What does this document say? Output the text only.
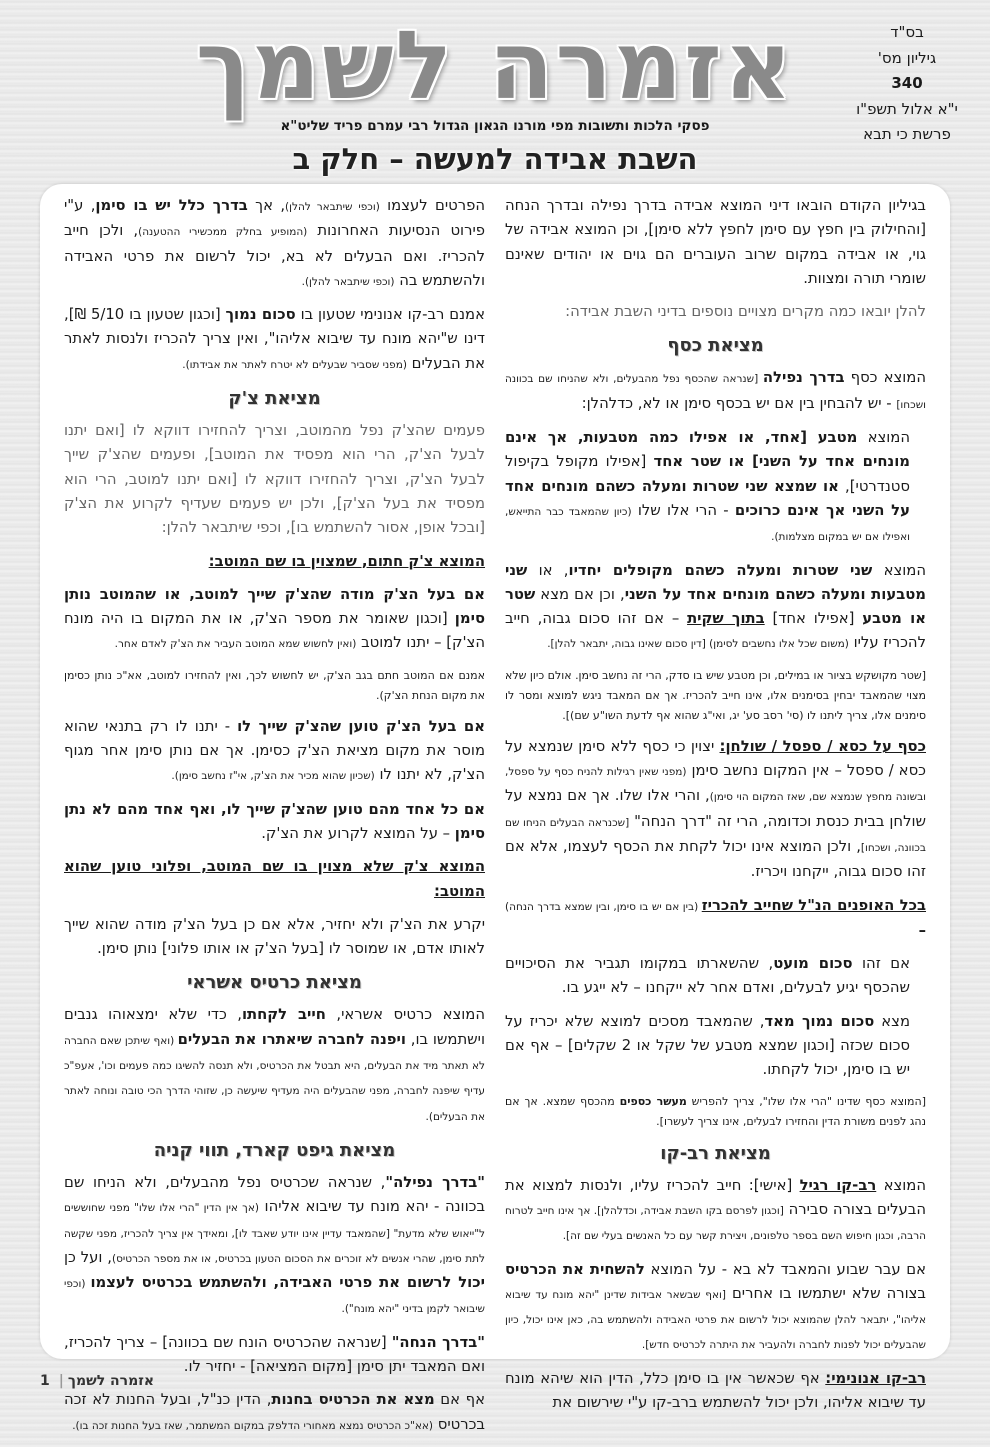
אזמרה לשמך	בס"ד
גיליון מס'
340
י"א אלול תשפ"ו
פרשת כי תבא
פסקי הלכות ותשובות מפי מורנו הגאון הגדול רבי עמרם פריד שליט"א
השבת אבידה למעשה – חלק ב

בגיליון הקודם הובאו דיני המוצא אבידה בדרך נפילה ובדרך הנחה [והחילוק בין חפץ עם סימן לחפץ ללא סימן], וכן המוצא אבידה של גוי, או אבידה במקום שרוב העוברים הם גוים או יהודים שאינם שומרי תורה ומצוות.

להלן יובאו כמה מקרים מצויים נוספים בדיני השבת אבידה:

מציאת כסף

המוצא כסף בדרך נפילה [שנראה שהכסף נפל מהבעלים, ולא שהניחו שם בכוונה ושכחו] - יש להבחין בין אם יש בכסף סימן או לא, כדלהלן:

המוצא מטבע [אחד, או אפילו כמה מטבעות, אך אינם מונחים אחד על השני] או שטר אחד [אפילו מקופל בקיפול סטנדרטי], או שמצא שני שטרות ומעלה כשהם מונחים אחד על השני אך אינם כרוכים - הרי אלו שלו (כיון שהמאבד כבר התייאש, ואפילו אם יש במקום מצלמות).

המוצא שני שטרות ומעלה כשהם מקופלים יחדיו, או שני מטבעות ומעלה כשהם מונחים אחד על השני, וכן אם מצא שטר או מטבע [אפילו אחד] בתוך שקית – אם זהו סכום גבוה, חייב להכריז עליו (משום שכל אלו נחשבים לסימן) [דין סכום שאינו גבוה, יתבאר להלן].

[שטר מקושקש בציור או במילים, וכן מטבע שיש בו סדק, הרי זה נחשב סימן. אולם כיון שלא מצוי שהמאבד יבחין בסימנים אלו, אינו חייב להכריז. אך אם המאבד ניגש למוצא ומסר לו סימנים אלו, צריך ליתנו לו (סי' רסב סע' יג, ואי"ג שהוא אף לדעת השו"ע שם)].

כסף על כסא / ספסל / שולחן: יצוין כי כסף ללא סימן שנמצא על כסא / ספסל – אין המקום נחשב סימן (מפני שאין רגילות להניח כסף על ספסל, ובשונה מחפץ שנמצא שם, שאז המקום הוי סימן), והרי אלו שלו. אך אם נמצא על שולחן בבית כנסת וכדומה, הרי זה "דרך הנחה" [שכנראה הבעלים הניחו שם בכוונה, ושכחו], ולכן המוצא אינו יכול לקחת את הכסף לעצמו, אלא אם זהו סכום גבוה, ייקחנו ויכריז.

בכל האופנים הנ"ל שחייב להכריז (בין אם יש בו סימן, ובין שמצא בדרך הנחה) –

אם זהו סכום מועט, שהשארתו במקומו תגביר את הסיכויים שהכסף יגיע לבעלים, ואדם אחר לא ייקחנו – לא ייגע בו.

מצא סכום נמוך מאד, שהמאבד מסכים למוצא שלא יכריז על סכום שכזה [וכגון שמצא מטבע של שקל או 2 שקלים] – אף אם יש בו סימן, יכול לקחתו.

[המוצא כסף שדינו "הרי אלו שלו", צריך להפריש מעשר כספים מהכסף שמצא. אך אם נהג לפנים משורת הדין והחזירו לבעלים, אינו צריך לעשרו].

מציאת רב-קו

המוצא רב-קו רגיל [אישי]: חייב להכריז עליו, ולנסות למצוא את הבעלים בצורה סבירה [וכגון לפרסם בקו השבת אבידה, וכדלהלן]. אך אינו חייב לטרוח הרבה, וכגון חיפוש השם בספר טלפונים, ויצירת קשר עם כל האנשים בעלי שם זה].

אם עבר שבוע והמאבד לא בא - על המוצא להשחית את הכרטיס בצורה שלא ישתמשו בו אחרים [ואף שבשאר אבידות שדינן "יהא מונח עד שיבוא אליהו", יתבאר להלן שהמוצא יכול לרשום את פרטי האבידה ולהשתמש בה, כאן אינו יכול, כיון שהבעלים יכול לפנות לחברה ולהעביר את היתרה לכרטיס חדש].

רב-קו אנונימי: אף שכאשר אין בו סימן כלל, הדין הוא שיהא מונח עד שיבוא אליהו, ולכן יכול להשתמש ברב-קו ע"י שירשום את

הפרטים לעצמו (וכפי שיתבאר להלן), אך בדרך כלל יש בו סימן, ע"י פירוט הנסיעות האחרונות (המופיע בחלק ממכשירי ההטענה), ולכן חייב להכריז. ואם הבעלים לא בא, יכול לרשום את פרטי האבידה ולהשתמש בה (וכפי שיתבאר להלן).

אמנם רב-קו אנונימי שטעון בו סכום נמוך [וכגון שטעון בו 5/10 ₪], דינו ש"יהא מונח עד שיבוא אליהו", ואין צריך להכריז ולנסות לאתר את הבעלים (מפני שסביר שבעלים לא יטרח לאתר את אבידתו).

מציאת צ'ק

פעמים שהצ'ק נפל מהמוטב, וצריך להחזירו דווקא לו [ואם יתנו לבעל הצ'ק, הרי הוא מפסיד את המוטב], ופעמים שהצ'ק שייך לבעל הצ'ק, וצריך להחזירו דווקא לו [ואם יתנו למוטב, הרי הוא מפסיד את בעל הצ'ק], ולכן יש פעמים שעדיף לקרוע את הצ'ק [ובכל אופן, אסור להשתמש בו], וכפי שיתבאר להלן:

המוצא צ'ק חתום, שמצוין בו שם המוטב:

אם בעל הצ'ק מודה שהצ'ק שייך למוטב, או שהמוטב נותן סימן [וכגון שאומר את מספר הצ'ק, או את המקום בו היה מונח הצ'ק] – יתנו למוטב (ואין לחשוש שמא המוטב העביר את הצ'ק לאדם אחר.

אמנם אם המוטב חתם בגב הצ'ק, יש לחשוש לכך, ואין להחזירו למוטב, אא"כ נותן כסימן את מקום הנחת הצ'ק).

אם בעל הצ'ק טוען שהצ'ק שייך לו - יתנו לו רק בתנאי שהוא מוסר את מקום מציאת הצ'ק כסימן. אך אם נותן סימן אחר מגוף הצ'ק, לא יתנו לו (שכיון שהוא מכיר את הצ'ק, אי"ז נחשב סימן).

אם כל אחד מהם טוען שהצ'ק שייך לו, ואף אחד מהם לא נתן סימן – על המוצא לקרוע את הצ'ק.

המוצא צ'ק שלא מצוין בו שם המוטב, ופלוני טוען שהוא המוטב:

יקרע את הצ'ק ולא יחזיר, אלא אם כן בעל הצ'ק מודה שהוא שייך לאותו אדם, או שמוסר לו [בעל הצ'ק או אותו פלוני] נותן סימן.

מציאת כרטיס אשראי

המוצא כרטיס אשראי, חייב לקחתו, כדי שלא ימצאוהו גנבים וישתמשו בו, ויפנה לחברה שיאתרו את הבעלים (ואף שיתכן שאם החברה לא תאתר מיד את הבעלים, היא תבטל את הכרטיס, ולא תנסה להשיגו כמה פעמים וכו', אעפ"כ עדיף שיפנה לחברה, מפני שהבעלים היה מעדיף שיעשה כן, שזוהי הדרך הכי טובה ונוחה לאתר את הבעלים).

מציאת גיפט קארד, תווי קניה

"בדרך נפילה", שנראה שכרטיס נפל מהבעלים, ולא הניחו שם בכוונה - יהא מונח עד שיבוא אליהו (אך אין הדין "הרי אלו שלו" מפני שחוששים ל"ייאוש שלא מדעת" [שהמאבד עדיין אינו יודע שאבד לו], ומאידך אין צריך להכריז, מפני שקשה לתת סימן, שהרי אנשים לא זוכרים את הסכום הטעון בכרטיס, או את מספר הכרטיס), ועל כן יכול לרשום את פרטי האבידה, ולהשתמש בכרטיס לעצמו (וכפי שיבואר לקמן בדיני "יהא מונח").

"בדרך הנחה" [שנראה שהכרטיס הונח שם בכוונה] – צריך להכריז, ואם המאבד יתן סימן [מקום המציאה] - יחזיר לו.

אף אם מצא את הכרטיס בחנות, הדין כנ"ל, ובעל החנות לא זכה בכרטיס (אא"כ הכרטיס נמצא מאחורי הדלפק במקום המשתמר, שאז בעל החנות זכה בו).

1 | אזמרה לשמך
